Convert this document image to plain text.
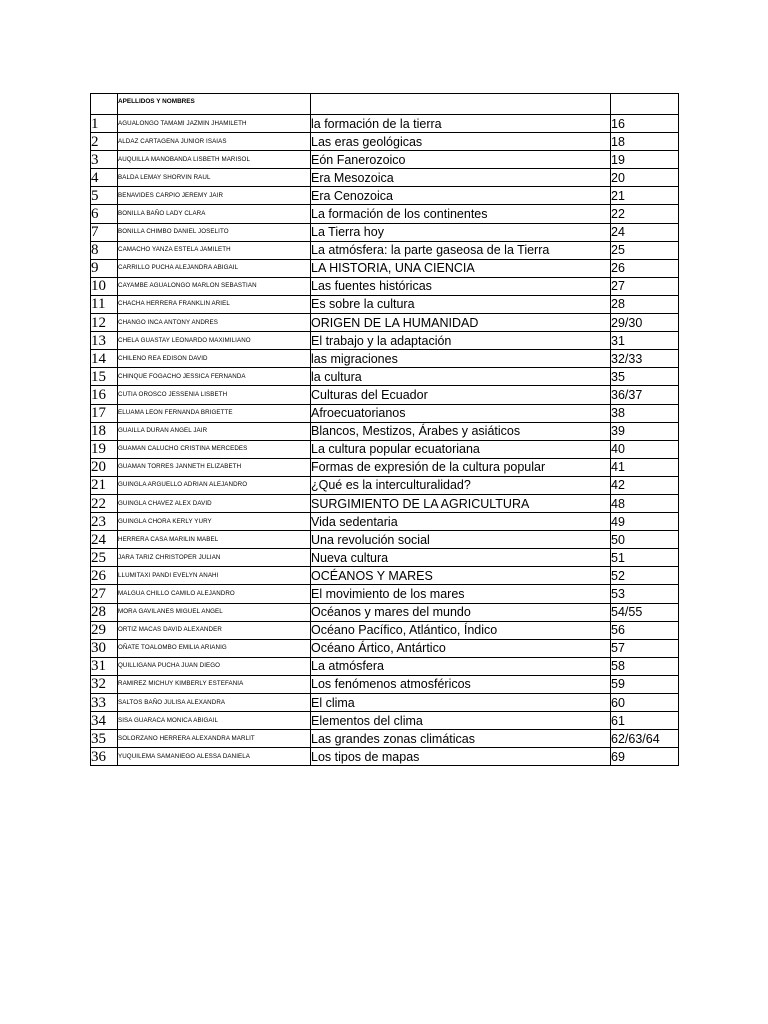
	APELLIDOS Y NOMBRES		
1	AGUALONGO TAMAMI JAZMIN JHAMILETH	la formación de la tierra	16
2	ALDAZ CARTAGENA JUNIOR ISAIAS	Las eras geológicas	18
3	AUQUILLA MANOBANDA LISBETH MARISOL	Eón Fanerozoico	19
4	BALDA LEMAY SHORVIN RAUL	Era Mesozoica	20
5	BENAVIDES CARPIO JEREMY JAIR	Era Cenozoica	21
6	BONILLA BAÑO LADY CLARA	La formación de los continentes	22
7	BONILLA CHIMBO DANIEL JOSELITO	La Tierra hoy	24
8	CAMACHO YANZA ESTELA JAMILETH	La atmósfera: la parte gaseosa de la Tierra	25
9	CARRILLO PUCHA ALEJANDRA ABIGAIL	LA HISTORIA, UNA CIENCIA	26
10	CAYAMBE AGUALONGO MARLON SEBASTIAN	Las fuentes históricas	27
11	CHACHA HERRERA FRANKLIN ARIEL	Es sobre la cultura	28
12	CHANGO INCA ANTONY ANDRES	ORIGEN DE LA HUMANIDAD	29/30
13	CHELA GUASTAY LEONARDO MAXIMILIANO	El trabajo y la adaptación	31
14	CHILENO REA EDISON DAVID	las migraciones	32/33
15	CHINQUE FOGACHO JESSICA FERNANDA	la cultura	35
16	CUTIA OROSCO JESSENIA LISBETH	Culturas del Ecuador	36/37
17	ELUAMA LEON FERNANDA BRIGETTE	Afroecuatorianos	38
18	GUAILLA DURAN ANGEL JAIR	Blancos, Mestizos, Árabes y asiáticos	39
19	GUAMAN CALUCHO CRISTINA MERCEDES	La cultura popular ecuatoriana	40
20	GUAMAN TORRES JANNETH ELIZABETH	Formas de expresión de la cultura popular	41
21	GUINGLA ARGUELLO ADRIAN ALEJANDRO	¿Qué es la interculturalidad?	42
22	GUINGLA CHAVEZ ALEX DAVID	SURGIMIENTO DE LA AGRICULTURA	48
23	GUINGLA CHORA KERLY YURY	Vida sedentaria	49
24	HERRERA CASA MARILIN MABEL	Una revolución social	50
25	JARA TARIZ CHRISTOPER JULIAN	Nueva cultura	51
26	LLUMITAXI PANDI EVELYN ANAHI	OCÉANOS Y MARES	52
27	MALGUA CHILLO CAMILO ALEJANDRO	El movimiento de los mares	53
28	MORA GAVILANES MIGUEL ANGEL	Océanos y mares del mundo	54/55
29	ORTIZ MACAS DAVID ALEXANDER	Océano Pacífico, Atlántico, Índico	56
30	OÑATE TOALOMBO EMILIA ARIANIG	Océano Ártico, Antártico	57
31	QUILLIGANA PUCHA JUAN DIEGO	La atmósfera	58
32	RAMIREZ MICHUY KIMBERLY ESTEFANIA	Los fenómenos atmosféricos	59
33	SALTOS BAÑO JULISA ALEXANDRA	El clima	60
34	SISA GUARACA MONICA ABIGAIL	Elementos del clima	61
35	SOLORZANO HERRERA ALEXANDRA MARLIT	Las grandes zonas climáticas	62/63/64
36	YUQUILEMA SAMANIEGO ALESSA DANIELA	Los tipos de mapas	69
